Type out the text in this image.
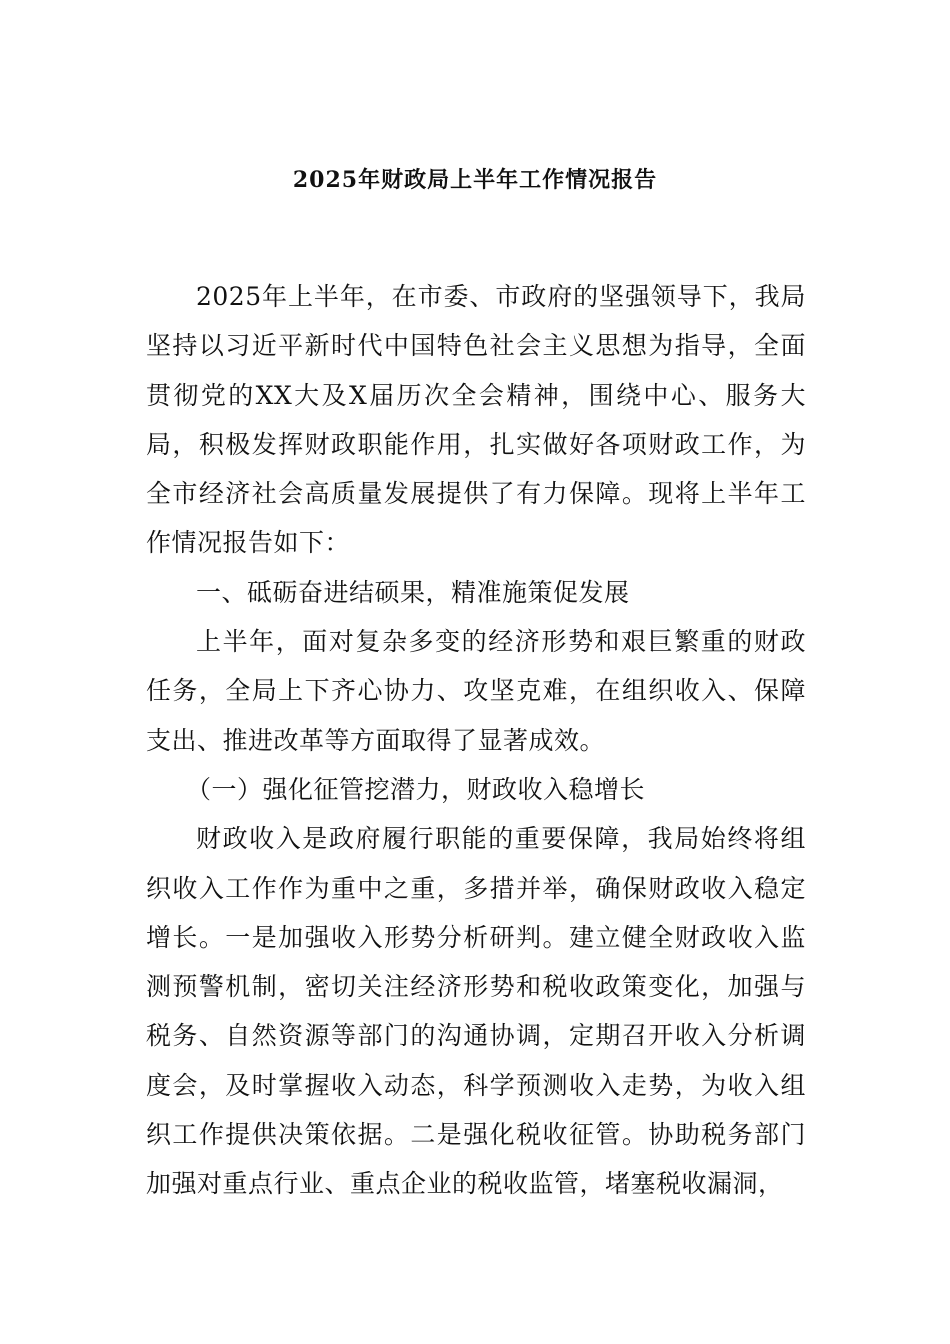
2025年财政局上半年工作情况报告

2025年上半年，在市委、市政府的坚强领导下，我局坚持以习近平新时代中国特色社会主义思想为指导，全面贯彻党的XX大及X届历次全会精神，围绕中心、服务大局，积极发挥财政职能作用，扎实做好各项财政工作，为全市经济社会高质量发展提供了有力保障。现将上半年工作情况报告如下：

一、砥砺奋进结硕果，精准施策促发展

上半年，面对复杂多变的经济形势和艰巨繁重的财政任务，全局上下齐心协力、攻坚克难，在组织收入、保障支出、推进改革等方面取得了显著成效。

（一）强化征管挖潜力，财政收入稳增长

财政收入是政府履行职能的重要保障，我局始终将组织收入工作作为重中之重，多措并举，确保财政收入稳定增长。一是加强收入形势分析研判。建立健全财政收入监测预警机制，密切关注经济形势和税收政策变化，加强与税务、自然资源等部门的沟通协调，定期召开收入分析调度会，及时掌握收入动态，科学预测收入走势，为收入组织工作提供决策依据。二是强化税收征管。协助税务部门加强对重点行业、重点企业的税收监管，堵塞税收漏洞，
